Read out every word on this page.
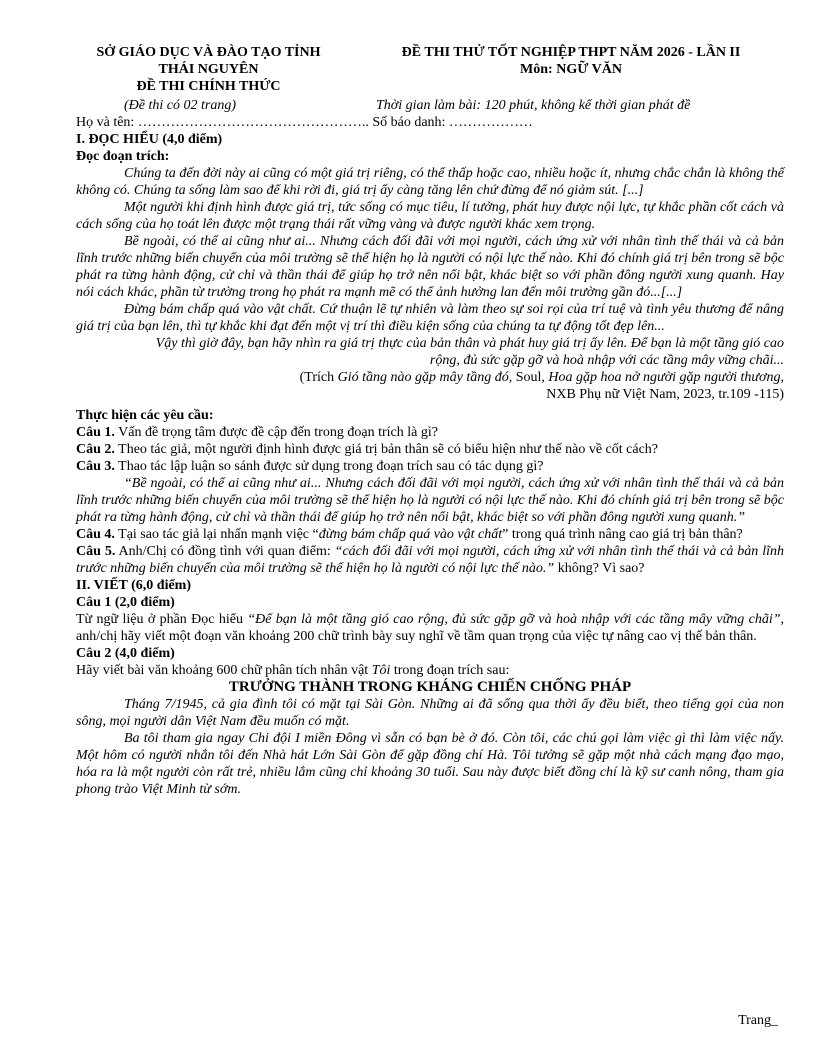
SỞ GIÁO DỤC VÀ ĐÀO TẠO TỈNH
THÁI NGUYÊN
ĐỀ THI CHÍNH THỨC
ĐỀ THI THỬ TỐT NGHIỆP THPT NĂM 2026 - LẦN II
Môn: NGỮ VĂN
(Đề thi có 02 trang)	Thời gian làm bài: 120 phút, không kể thời gian phát đề

Họ và tên: ………………………………………….. Số báo danh: ………………

I. ĐỌC HIỂU (4,0 điểm)

Đọc đoạn trích:

Chúng ta đến đời này ai cũng có một giá trị riêng, có thể thấp hoặc cao, nhiều hoặc ít, nhưng chắc chắn là không thể không có. Chúng ta sống làm sao để khi rời đi, giá trị ấy càng tăng lên chứ đừng để nó giảm sút. [...]

Một người khi định hình được giá trị, tức sống có mục tiêu, lí tưởng, phát huy được nội lực, tự khắc phần cốt cách và cách sống của họ toát lên được một trạng thái rất vững vàng và được người khác xem trọng.

Bề ngoài, có thể ai cũng như ai... Nhưng cách đối đãi với mọi người, cách ứng xử với nhân tình thế thái và cả bản lĩnh trước những biến chuyển của môi trường sẽ thể hiện họ là người có nội lực thế nào. Khi đó chính giá trị bên trong sẽ bộc phát ra từng hành động, cử chỉ và thần thái để giúp họ trở nên nổi bật, khác biệt so với phần đông người xung quanh. Hay nói cách khác, phần từ trường trong họ phát ra mạnh mẽ có thể ảnh hưởng lan đến môi trường gần đó...[...]

Đừng bám chấp quá vào vật chất. Cứ thuận lẽ tự nhiên và làm theo sự soi rọi của trí tuệ và tình yêu thương để nâng giá trị của bạn lên, thì tự khắc khi đạt đến một vị trí thì điều kiện sống của chúng ta tự động tốt đẹp lên...

Vậy thì giờ đây, bạn hãy nhìn ra giá trị thực của bản thân và phát huy giá trị ấy lên. Để bạn là một tầng gió cao rộng, đủ sức gặp gỡ và hoà nhập với các tầng mây vững chãi...

(Trích Gió tầng nào gặp mây tầng đó, Soul, Hoa gặp hoa nở người gặp người thương,

NXB Phụ nữ Việt Nam, 2023, tr.109 -115)

Thực hiện các yêu cầu:

Câu 1. Vấn đề trọng tâm được đề cập đến trong đoạn trích là gì?

Câu 2. Theo tác giả, một người định hình được giá trị bản thân sẽ có biểu hiện như thế nào về cốt cách?

Câu 3. Thao tác lập luận so sánh được sử dụng trong đoạn trích sau có tác dụng gì?

“Bề ngoài, có thể ai cũng như ai... Nhưng cách đối đãi với mọi người, cách ứng xử với nhân tình thế thái và cả bản lĩnh trước những biến chuyển của môi trường sẽ thể hiện họ là người có nội lực thế nào. Khi đó chính giá trị bên trong sẽ bộc phát ra từng hành động, cử chỉ và thần thái để giúp họ trở nên nổi bật, khác biệt so với phần đông người xung quanh.”

Câu 4. Tại sao tác giả lại nhấn mạnh việc “đừng bám chấp quá vào vật chất” trong quá trình nâng cao giá trị bản thân?

Câu 5. Anh/Chị có đồng tình với quan điểm: “cách đối đãi với mọi người, cách ứng xử với nhân tình thế thái và cả bản lĩnh trước những biến chuyển của môi trường sẽ thể hiện họ là người có nội lực thế nào.” không? Vì sao?

II. VIẾT (6,0 điểm)

Câu 1 (2,0 điểm)

Từ ngữ liệu ở phần Đọc hiểu “Để bạn là một tầng gió cao rộng, đủ sức gặp gỡ và hoà nhập với các tầng mây vững chãi”, anh/chị hãy viết một đoạn văn khoảng 200 chữ trình bày suy nghĩ về tầm quan trọng của việc tự nâng cao vị thế bản thân.

Câu 2 (4,0 điểm)

Hãy viết bài văn khoảng 600 chữ phân tích nhân vật Tôi trong đoạn trích sau:

TRƯỞNG THÀNH TRONG KHÁNG CHIẾN CHỐNG PHÁP

Tháng 7/1945, cả gia đình tôi có mặt tại Sài Gòn. Những ai đã sống qua thời ấy đều biết, theo tiếng gọi của non sông, mọi người dân Việt Nam đều muốn có mặt.

Ba tôi tham gia ngay Chi đội I miền Đông vì sẵn có bạn bè ở đó. Còn tôi, các chú gọi làm việc gì thì làm việc nấy. Một hôm có người nhắn tôi đến Nhà hát Lớn Sài Gòn để gặp đồng chí Hà. Tôi tưởng sẽ gặp một nhà cách mạng đạo mạo, hóa ra là một người còn rất trẻ, nhiều lắm cũng chỉ khoảng 30 tuổi. Sau này được biết đồng chí là kỹ sư canh nông, tham gia phong trào Việt Minh từ sớm.

Trang_
